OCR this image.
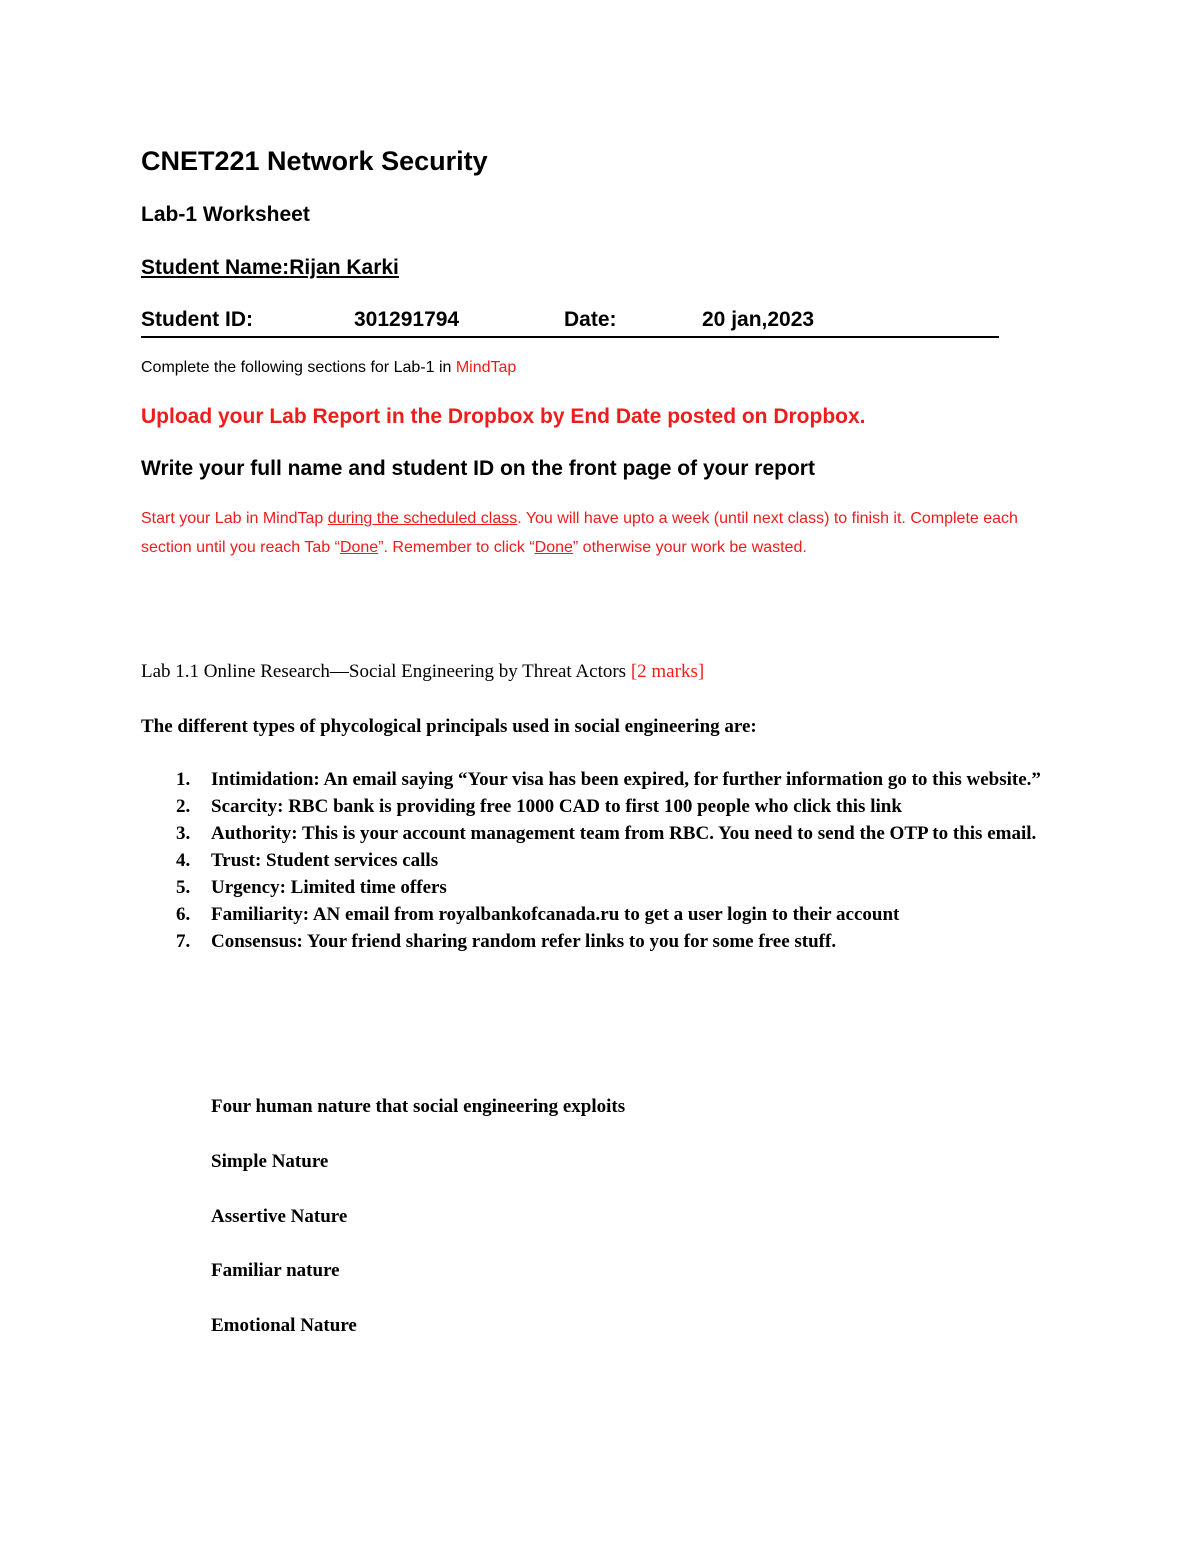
CNET221 Network Security
Lab-1 Worksheet
Student Name:Rijan Karki
Student ID:	301291794	Date:	20 jan,2023
Complete the following sections for Lab-1 in MindTap
Upload your Lab Report in the Dropbox by End Date posted on Dropbox.
Write your full name and student ID on the front page of your report
Start your Lab in MindTap during the scheduled class. You will have upto a week (until next class) to finish it. Complete each section until you reach Tab “Done”. Remember to click “Done” otherwise your work be wasted.
Lab 1.1 Online Research—Social Engineering by Threat Actors [2 marks]
The different types of phycological principals used in social engineering are:
1. Intimidation: An email saying “Your visa has been expired, for further information go to this website.”
2. Scarcity: RBC bank is providing free 1000 CAD to first 100 people who click this link
3. Authority: This is your account management team from RBC. You need to send the OTP to this email.
4. Trust: Student services calls
5. Urgency: Limited time offers
6. Familiarity: AN email from royalbankofcanada.ru to get a user login to their account
7. Consensus: Your friend sharing random refer links to you for some free stuff.
Four human nature that social engineering exploits
Simple Nature
Assertive Nature
Familiar nature
Emotional Nature
